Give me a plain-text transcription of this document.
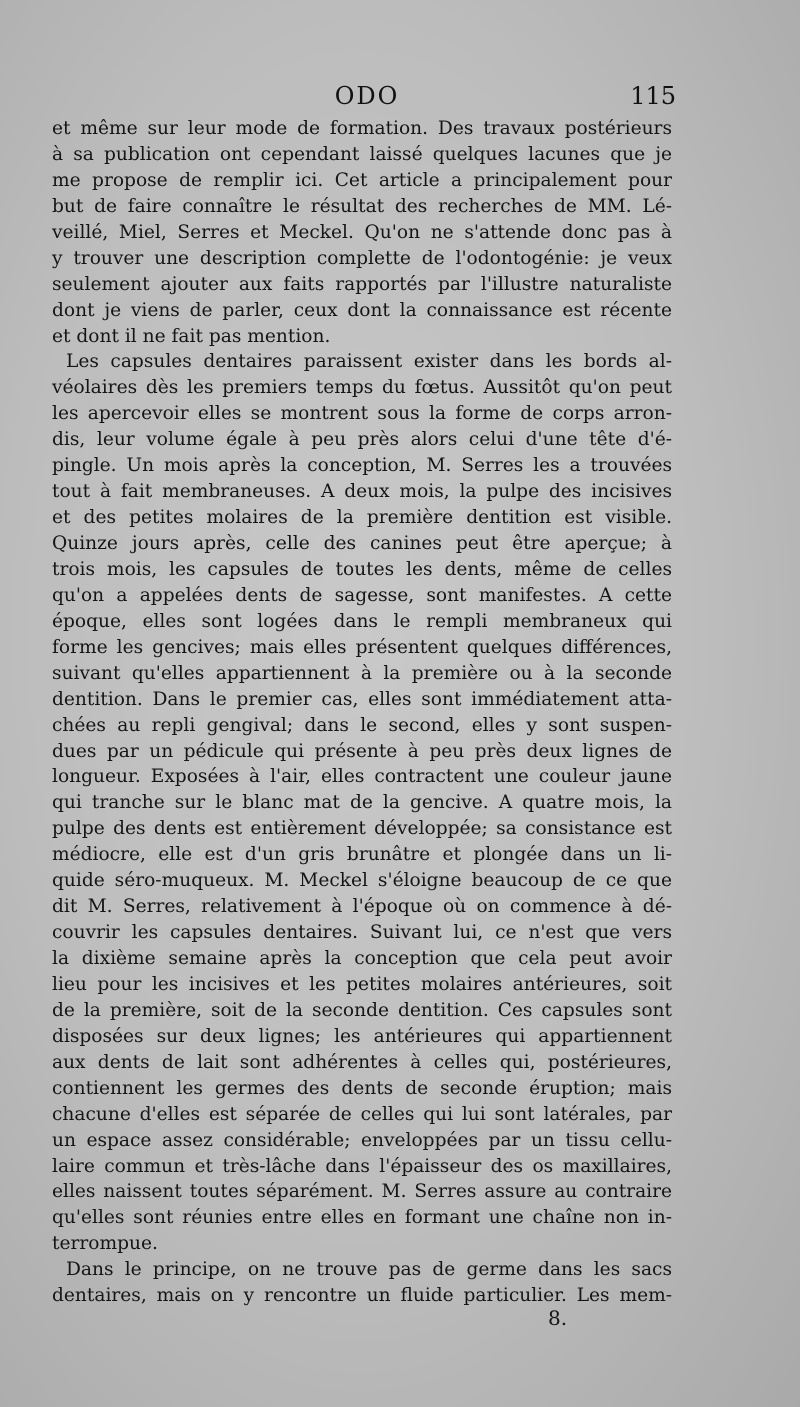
ODO	115
et même sur leur mode de formation. Des travaux postérieurs
à sa publication ont cependant laissé quelques lacunes que je
me propose de remplir ici. Cet article a principalement pour
but de faire connaître le résultat des recherches de MM. Lé-
veillé, Miel, Serres et Meckel. Qu'on ne s'attende donc pas à
y trouver une description complette de l'odontogénie: je veux
seulement ajouter aux faits rapportés par l'illustre naturaliste
dont je viens de parler, ceux dont la connaissance est récente
et dont il ne fait pas mention.
Les capsules dentaires paraissent exister dans les bords al-
véolaires dès les premiers temps du fœtus. Aussitôt qu'on peut
les apercevoir elles se montrent sous la forme de corps arron-
dis, leur volume égale à peu près alors celui d'une tête d'é-
pingle. Un mois après la conception, M. Serres les a trouvées
tout à fait membraneuses. A deux mois, la pulpe des incisives
et des petites molaires de la première dentition est visible.
Quinze jours après, celle des canines peut être aperçue; à
trois mois, les capsules de toutes les dents, même de celles
qu'on a appelées dents de sagesse, sont manifestes. A cette
époque, elles sont logées dans le rempli membraneux qui
forme les gencives; mais elles présentent quelques différences,
suivant qu'elles appartiennent à la première ou à la seconde
dentition. Dans le premier cas, elles sont immédiatement atta-
chées au repli gengival; dans le second, elles y sont suspen-
dues par un pédicule qui présente à peu près deux lignes de
longueur. Exposées à l'air, elles contractent une couleur jaune
qui tranche sur le blanc mat de la gencive. A quatre mois, la
pulpe des dents est entièrement développée; sa consistance est
médiocre, elle est d'un gris brunâtre et plongée dans un li-
quide séro-muqueux. M. Meckel s'éloigne beaucoup de ce que
dit M. Serres, relativement à l'époque où on commence à dé-
couvrir les capsules dentaires. Suivant lui, ce n'est que vers
la dixième semaine après la conception que cela peut avoir
lieu pour les incisives et les petites molaires antérieures, soit
de la première, soit de la seconde dentition. Ces capsules sont
disposées sur deux lignes; les antérieures qui appartiennent
aux dents de lait sont adhérentes à celles qui, postérieures,
contiennent les germes des dents de seconde éruption; mais
chacune d'elles est séparée de celles qui lui sont latérales, par
un espace assez considérable; enveloppées par un tissu cellu-
laire commun et très-lâche dans l'épaisseur des os maxillaires,
elles naissent toutes séparément. M. Serres assure au contraire
qu'elles sont réunies entre elles en formant une chaîne non in-
terrompue.
Dans le principe, on ne trouve pas de germe dans les sacs
dentaires, mais on y rencontre un fluide particulier. Les mem-
8.
